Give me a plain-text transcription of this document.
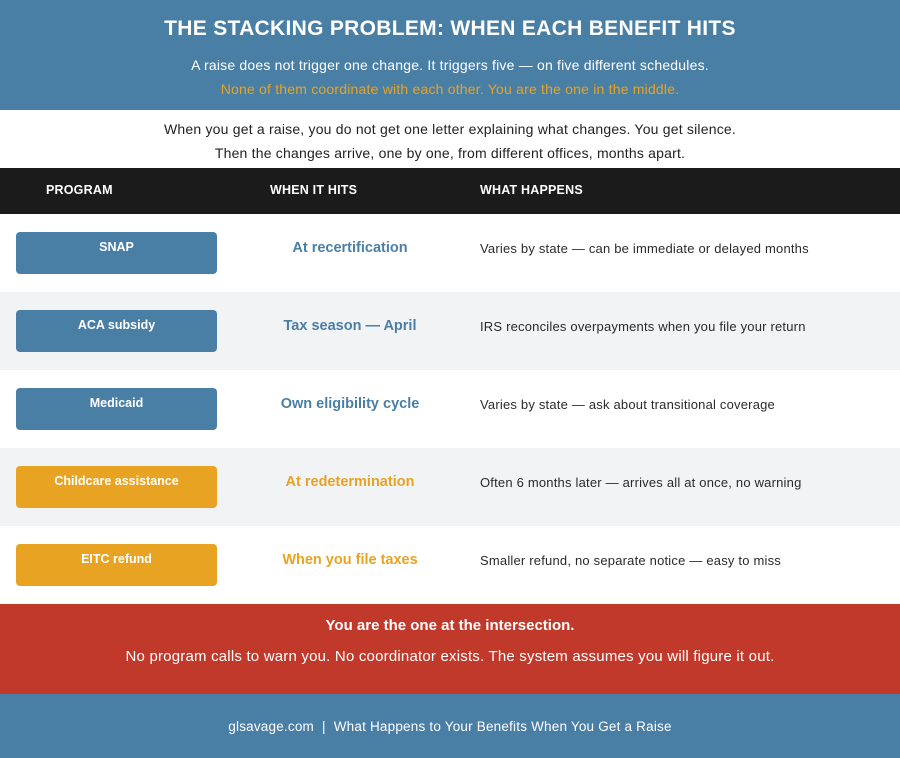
THE STACKING PROBLEM: WHEN EACH BENEFIT HITS
A raise does not trigger one change. It triggers five — on five different schedules.
None of them coordinate with each other. You are the one in the middle.
When you get a raise, you do not get one letter explaining what changes. You get silence.
Then the changes arrive, one by one, from different offices, months apart.
PROGRAM	WHEN IT HITS	WHAT HAPPENS
SNAP	At recertification	Varies by state — can be immediate or delayed months
ACA subsidy	Tax season — April	IRS reconciles overpayments when you file your return
Medicaid	Own eligibility cycle	Varies by state — ask about transitional coverage
Childcare assistance	At redetermination	Often 6 months later — arrives all at once, no warning
EITC refund	When you file taxes	Smaller refund, no separate notice — easy to miss
You are the one at the intersection.
No program calls to warn you. No coordinator exists. The system assumes you will figure it out.
glsavage.com | What Happens to Your Benefits When You Get a Raise
